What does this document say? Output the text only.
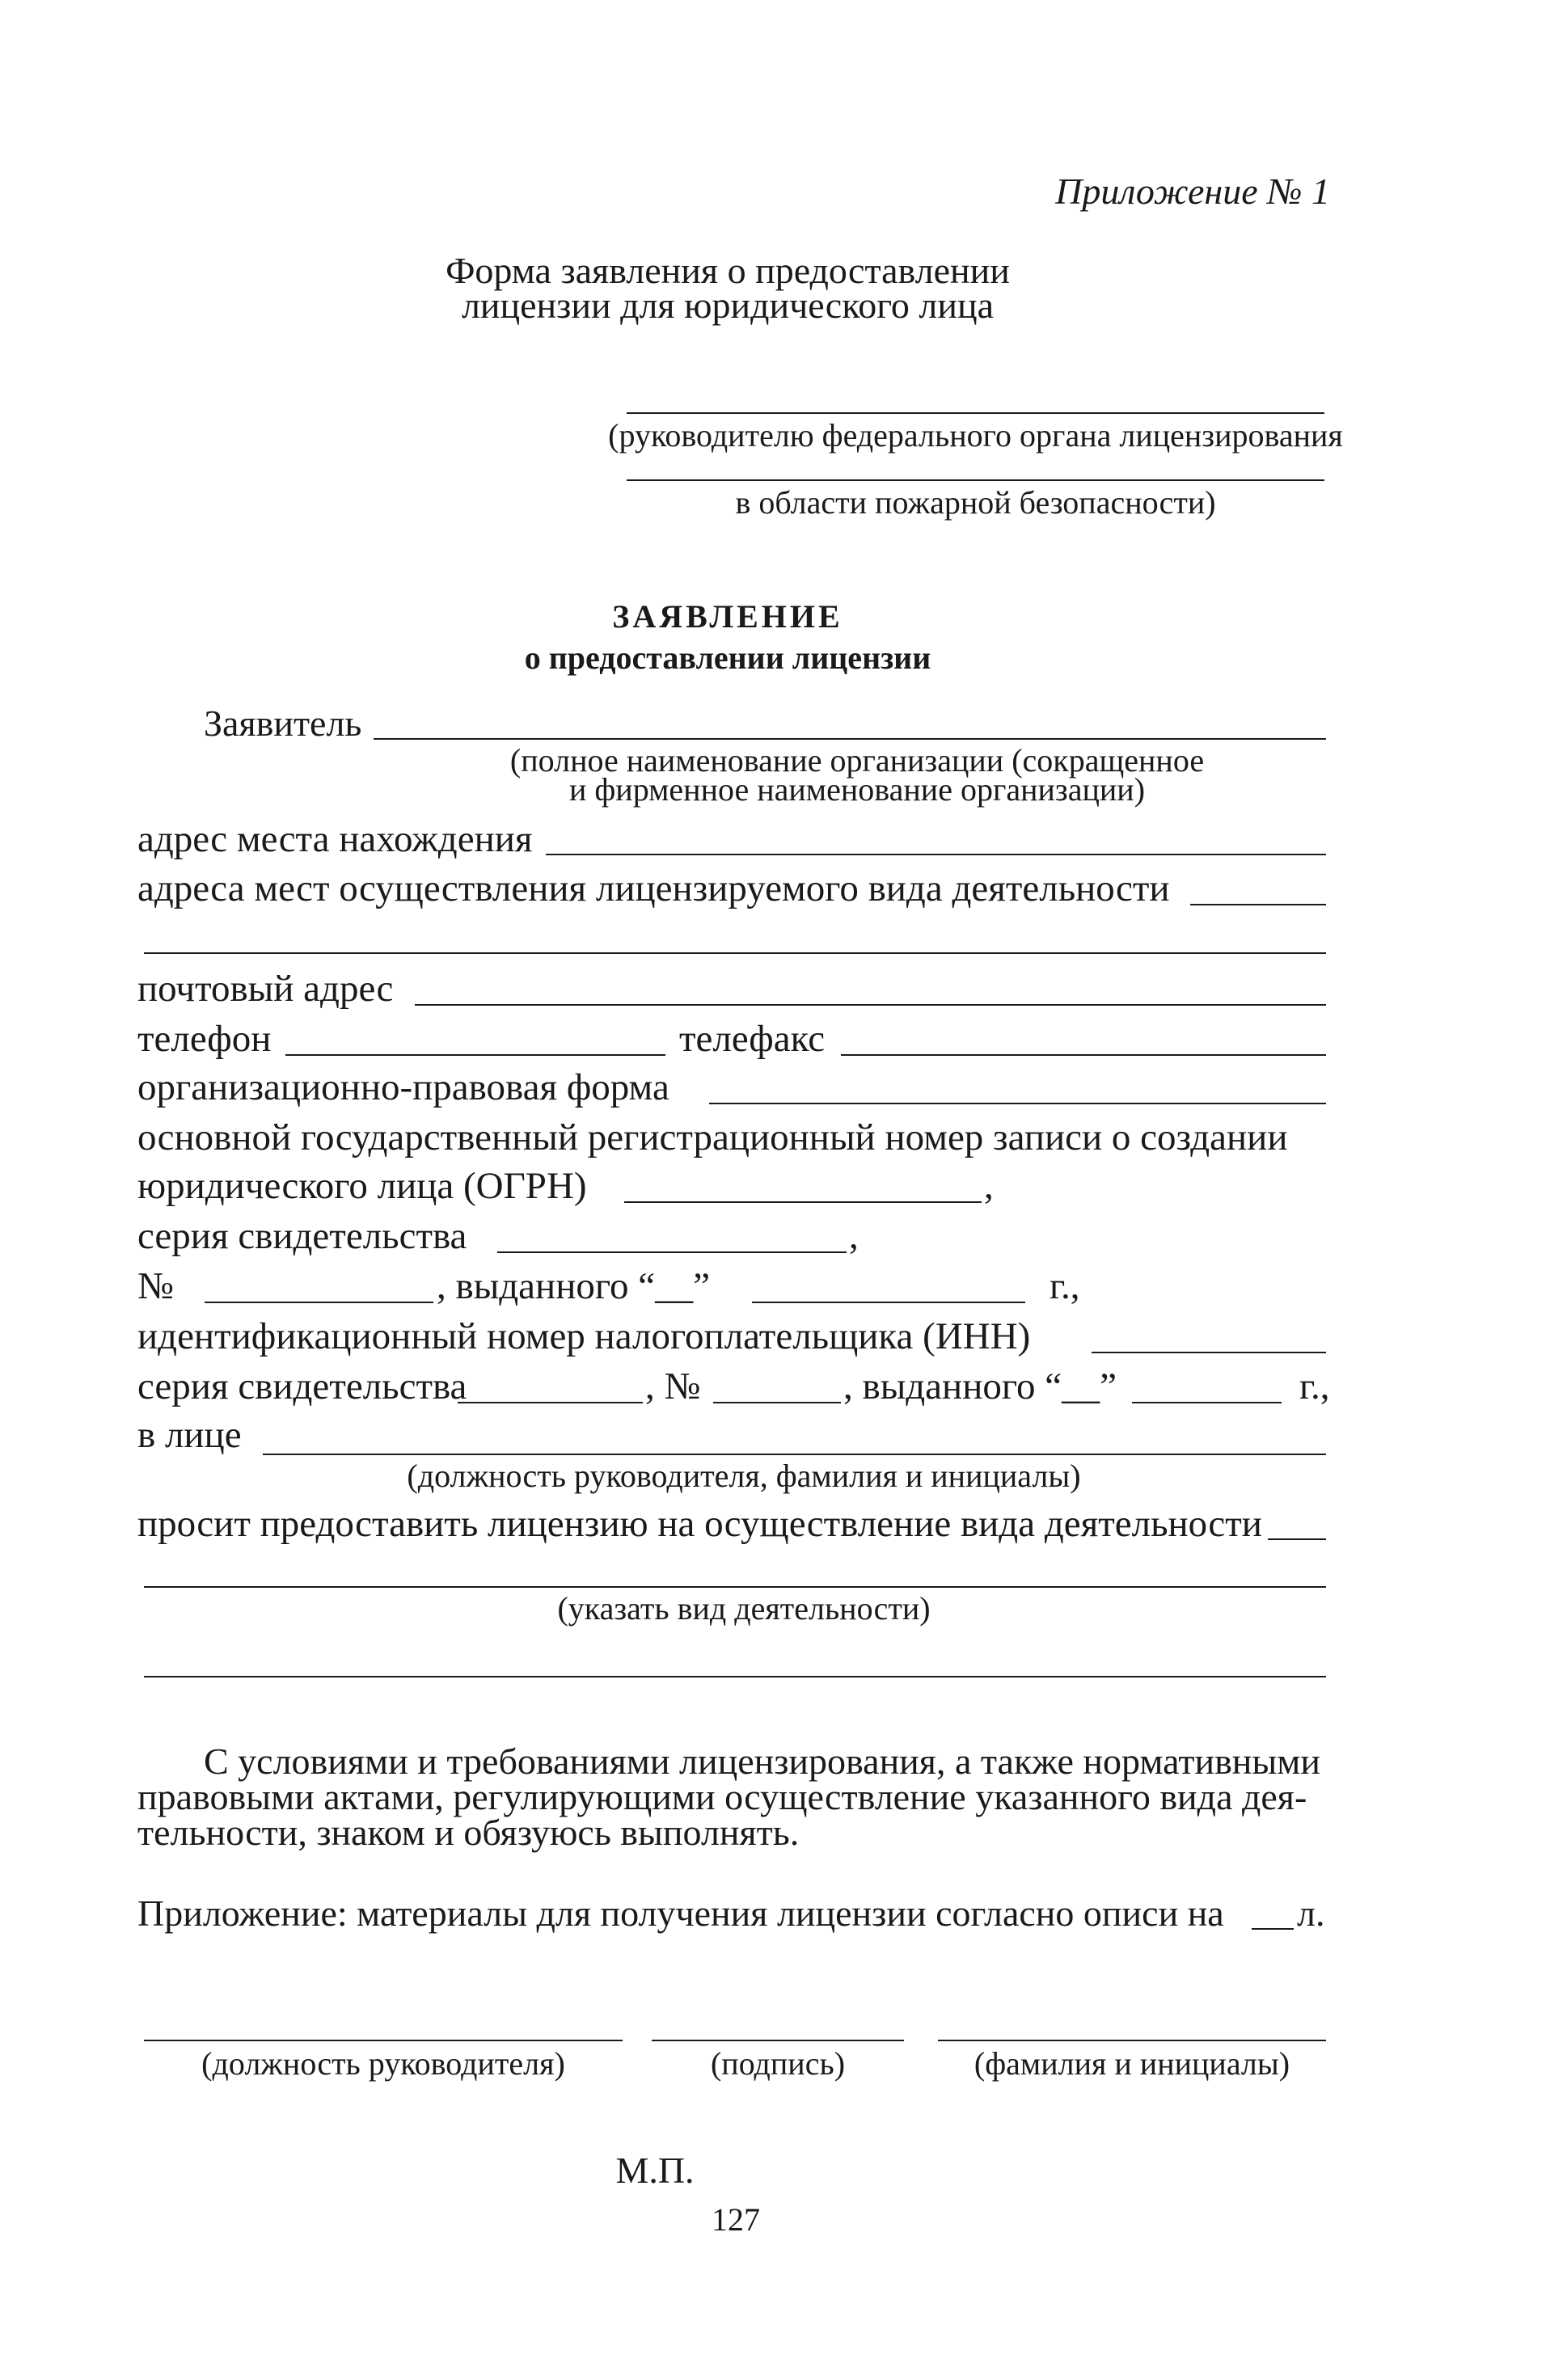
Приложение № 1
Форма заявления о предоставлении
лицензии для юридического лица
(руководителю федерального органа лицензирования
в области пожарной безопасности)
ЗАЯВЛЕНИЕ
о предоставлении лицензии
Заявитель
(полное наименование организации (сокращенное
и фирменное наименование организации)
адрес места нахождения
адреса мест осуществления лицензируемого вида деятельности
почтовый адрес
телефон	телефакс
организационно-правовая форма
основной государственный регистрационный номер записи о создании
юридического лица (ОГРН)	,
серия свидетельства	,
№	, выданного “__”	г.,
идентификационный номер налогоплательщика (ИНН)
серия свидетельства	, №	, выданного “__”	г.,
в лице
(должность руководителя, фамилия и инициалы)
просит предоставить лицензию на осуществление вида деятельности
(указать вид деятельности)
С условиями и требованиями лицензирования, а также нормативными
правовыми актами, регулирующими осуществление указанного вида дея-
тельности, знаком и обязуюсь выполнять.
Приложение: материалы для получения лицензии согласно описи на л.
(должность руководителя)	(подпись)	(фамилия и инициалы)
М.П.
127
